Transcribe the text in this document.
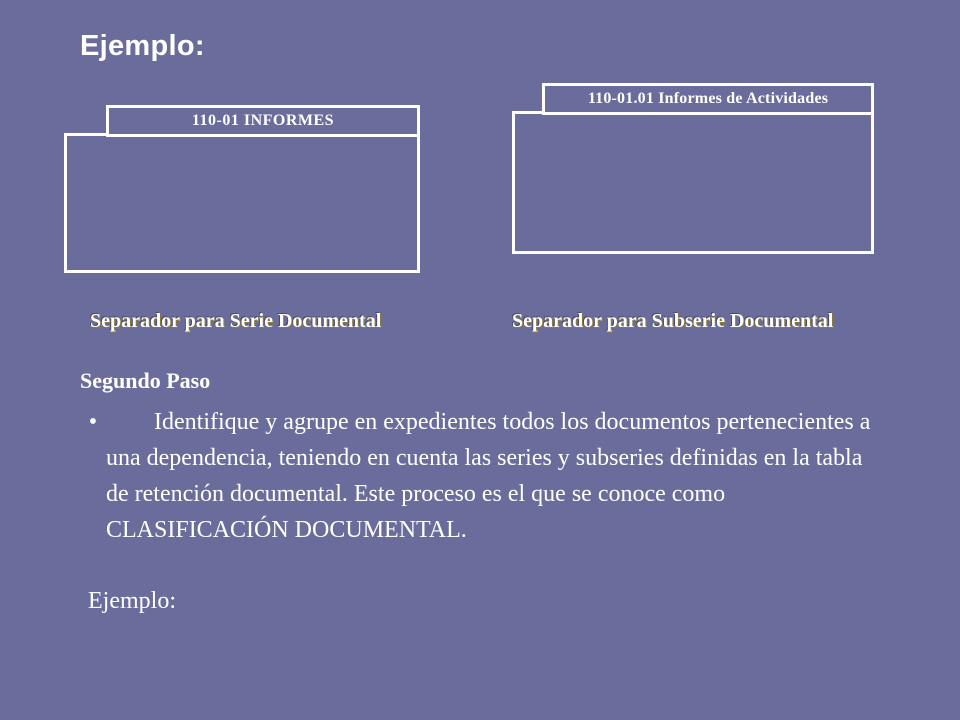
Ejemplo:
110-01 INFORMES
110-01.01 Informes de Actividades
Separador para Serie Documental	Separador para Subserie Documental
Segundo Paso
•	Identifique y agrupe en expedientes todos los documentos pertenecientes a una dependencia, teniendo en cuenta las series y subseries definidas en la tabla de retención documental. Este proceso es el que se conoce como CLASIFICACIÓN DOCUMENTAL.
Ejemplo:
